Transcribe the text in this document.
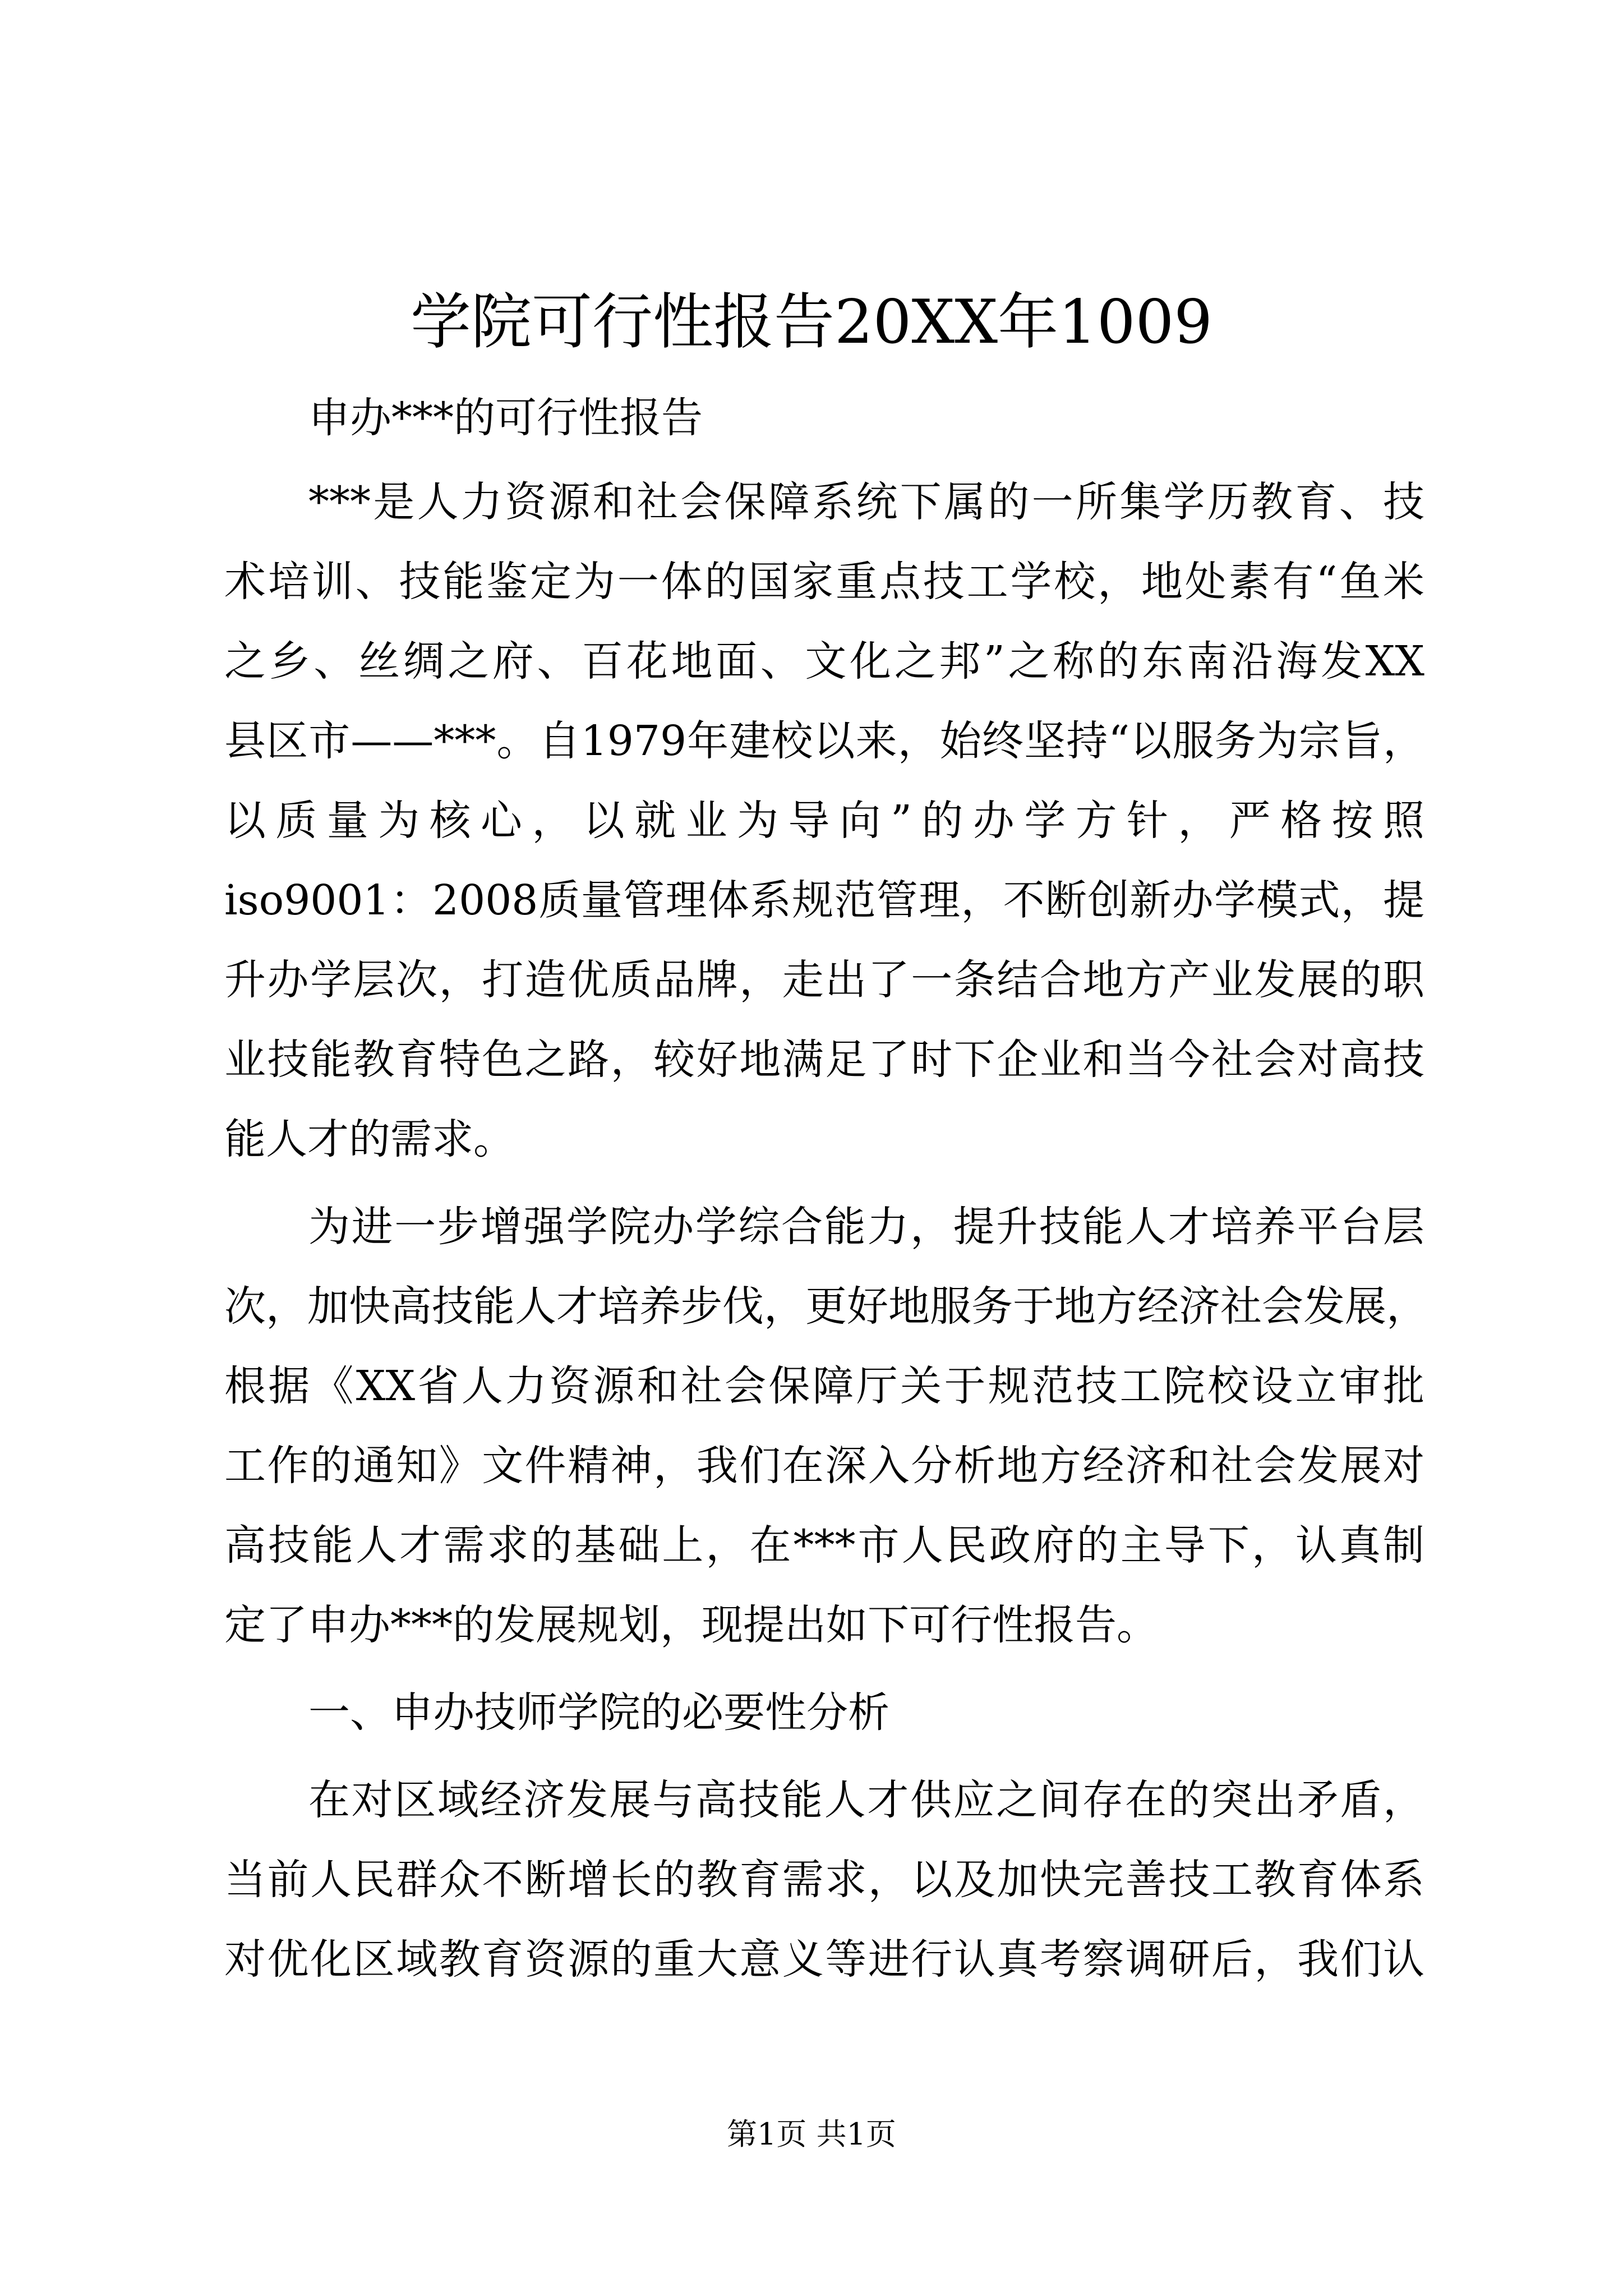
学院可行性报告20XX年1009
申办***的可行性报告
***是人力资源和社会保障系统下属的一所集学历教育、技
术培训、技能鉴定为一体的国家重点技工学校，地处素有“鱼米
之乡、丝绸之府、百花地面、文化之邦”之称的东南沿海发XX
县区市——***。自1979年建校以来，始终坚持“以服务为宗旨，
以质量为核心，以就业为导向”的办学方针，严格按照
iso9001：2008质量管理体系规范管理，不断创新办学模式，提
升办学层次，打造优质品牌，走出了一条结合地方产业发展的职
业技能教育特色之路，较好地满足了时下企业和当今社会对高技
能人才的需求。
为进一步增强学院办学综合能力，提升技能人才培养平台层
次，加快高技能人才培养步伐，更好地服务于地方经济社会发展，
根据《XX省人力资源和社会保障厅关于规范技工院校设立审批
工作的通知》文件精神，我们在深入分析地方经济和社会发展对
高技能人才需求的基础上，在***市人民政府的主导下，认真制
定了申办***的发展规划，现提出如下可行性报告。
一、申办技师学院的必要性分析
在对区域经济发展与高技能人才供应之间存在的突出矛盾，
当前人民群众不断增长的教育需求，以及加快完善技工教育体系
对优化区域教育资源的重大意义等进行认真考察调研后，我们认
第1页 共1页
